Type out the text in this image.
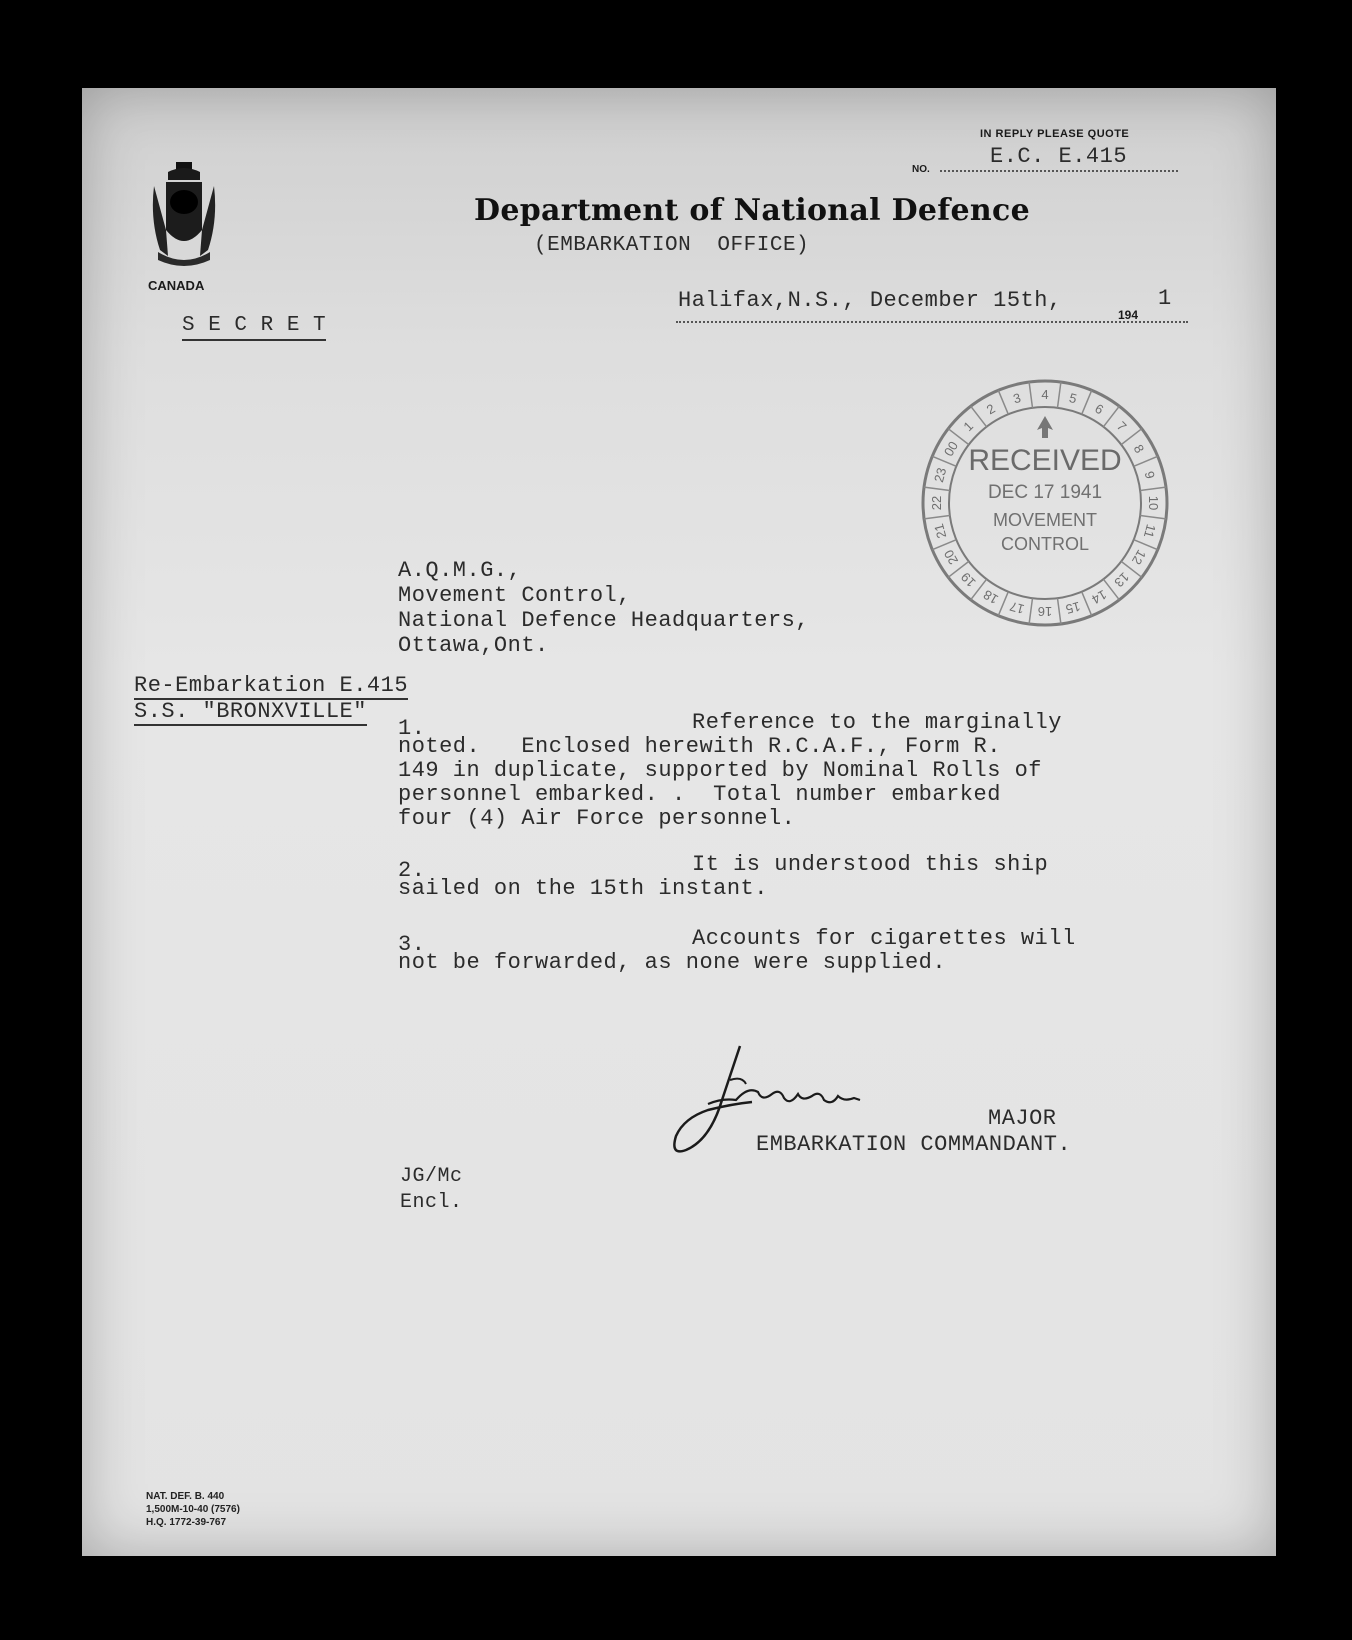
IN REPLY PLEASE QUOTE
NO.
E.C. E.415
CANADA
Department of National Defence
(EMBARKATION  OFFICE)
S E C R E T
Halifax,N.S., December 15th,
194
1
1
2
3 4 5
6
7
8
9
10
11
12
13
14
15
16
17
18
19
20
21
22
23
00 RECEIVED
DEC 17 1941
MOVEMENT
CONTROL
A.Q.M.G.,
Movement Control,
National Defence Headquarters,
Ottawa,Ont.
Re-Embarkation E.415
S.S. "BRONXVILLE"
1.	Reference to the marginally
noted.   Enclosed herewith R.C.A.F., Form R.
149 in duplicate, supported by Nominal Rolls of
personnel embarked. .  Total number embarked
four (4) Air Force personnel.
2.	It is understood this ship
sailed on the 15th instant.
3.	Accounts for cigarettes will
not be forwarded, as none were supplied.
MAJOR
EMBARKATION COMMANDANT.
JG/Mc
Encl.
NAT. DEF. B. 440
1,500M-10-40 (7576)
H.Q. 1772-39-767
